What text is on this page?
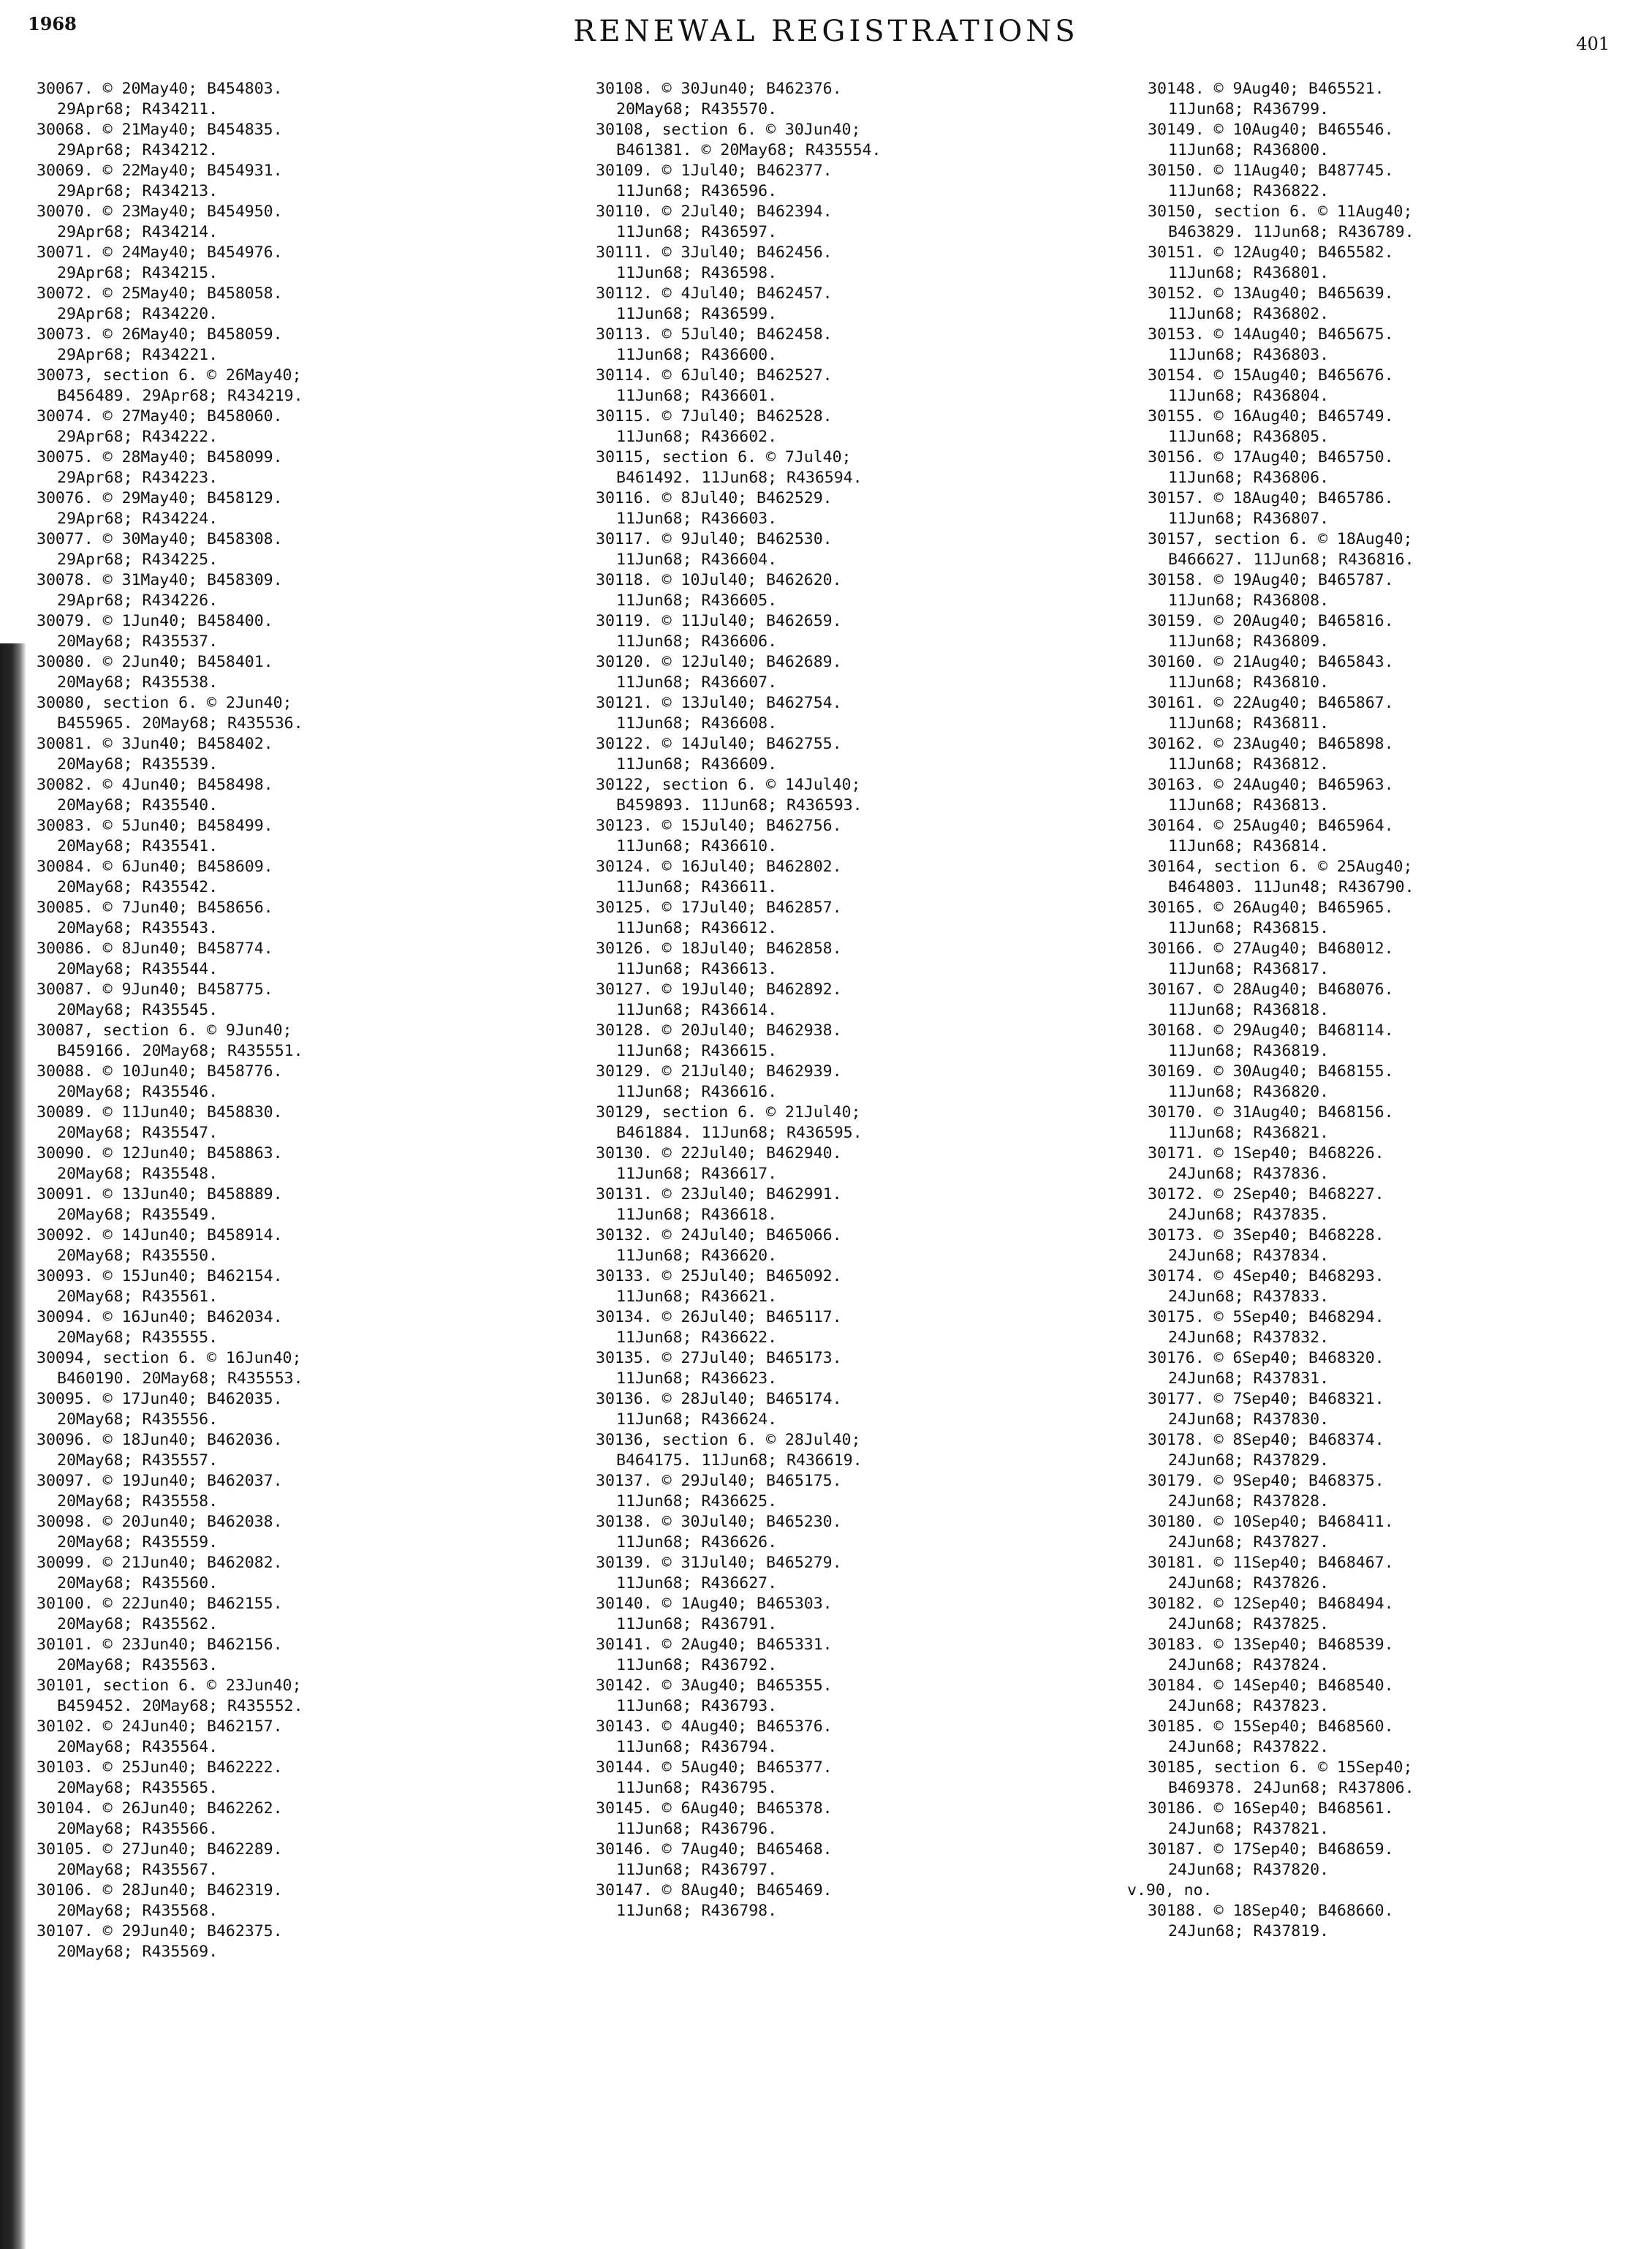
1968	RENEWAL REGISTRATIONS	401

30067. © 20May40; B454803.
29Apr68; R434211.

30068. © 21May40; B454835.
29Apr68; R434212.

30069. © 22May40; B454931.
29Apr68; R434213.

30070. © 23May40; B454950.
29Apr68; R434214.

30071. © 24May40; B454976.
29Apr68; R434215.

30072. © 25May40; B458058.
29Apr68; R434220.

30073. © 26May40; B458059.
29Apr68; R434221.

30073, section 6. © 26May40;
B456489. 29Apr68; R434219.

30074. © 27May40; B458060.
29Apr68; R434222.

30075. © 28May40; B458099.
29Apr68; R434223.

30076. © 29May40; B458129.
29Apr68; R434224.

30077. © 30May40; B458308.
29Apr68; R434225.

30078. © 31May40; B458309.
29Apr68; R434226.

30079. © 1Jun40; B458400.
20May68; R435537.

30080. © 2Jun40; B458401.
20May68; R435538.

30080, section 6. © 2Jun40;
B455965. 20May68; R435536.

30081. © 3Jun40; B458402.
20May68; R435539.

30082. © 4Jun40; B458498.
20May68; R435540.

30083. © 5Jun40; B458499.
20May68; R435541.

30084. © 6Jun40; B458609.
20May68; R435542.

30085. © 7Jun40; B458656.
20May68; R435543.

30086. © 8Jun40; B458774.
20May68; R435544.

30087. © 9Jun40; B458775.
20May68; R435545.

30087, section 6. © 9Jun40;
B459166. 20May68; R435551.

30088. © 10Jun40; B458776.
20May68; R435546.

30089. © 11Jun40; B458830.
20May68; R435547.

30090. © 12Jun40; B458863.
20May68; R435548.

30091. © 13Jun40; B458889.
20May68; R435549.

30092. © 14Jun40; B458914.
20May68; R435550.

30093. © 15Jun40; B462154.
20May68; R435561.

30094. © 16Jun40; B462034.
20May68; R435555.

30094, section 6. © 16Jun40;
B460190. 20May68; R435553.

30095. © 17Jun40; B462035.
20May68; R435556.

30096. © 18Jun40; B462036.
20May68; R435557.

30097. © 19Jun40; B462037.
20May68; R435558.

30098. © 20Jun40; B462038.
20May68; R435559.

30099. © 21Jun40; B462082.
20May68; R435560.

30100. © 22Jun40; B462155.
20May68; R435562.

30101. © 23Jun40; B462156.
20May68; R435563.

30101, section 6. © 23Jun40;
B459452. 20May68; R435552.

30102. © 24Jun40; B462157.
20May68; R435564.

30103. © 25Jun40; B462222.
20May68; R435565.

30104. © 26Jun40; B462262.
20May68; R435566.

30105. © 27Jun40; B462289.
20May68; R435567.

30106. © 28Jun40; B462319.
20May68; R435568.

30107. © 29Jun40; B462375.
20May68; R435569.

30108. © 30Jun40; B462376.
20May68; R435570.

30108, section 6. © 30Jun40;
B461381. © 20May68; R435554.

30109. © 1Jul40; B462377.
11Jun68; R436596.

30110. © 2Jul40; B462394.
11Jun68; R436597.

30111. © 3Jul40; B462456.
11Jun68; R436598.

30112. © 4Jul40; B462457.
11Jun68; R436599.

30113. © 5Jul40; B462458.
11Jun68; R436600.

30114. © 6Jul40; B462527.
11Jun68; R436601.

30115. © 7Jul40; B462528.
11Jun68; R436602.

30115, section 6. © 7Jul40;
B461492. 11Jun68; R436594.

30116. © 8Jul40; B462529.
11Jun68; R436603.

30117. © 9Jul40; B462530.
11Jun68; R436604.

30118. © 10Jul40; B462620.
11Jun68; R436605.

30119. © 11Jul40; B462659.
11Jun68; R436606.

30120. © 12Jul40; B462689.
11Jun68; R436607.

30121. © 13Jul40; B462754.
11Jun68; R436608.

30122. © 14Jul40; B462755.
11Jun68; R436609.

30122, section 6. © 14Jul40;
B459893. 11Jun68; R436593.

30123. © 15Jul40; B462756.
11Jun68; R436610.

30124. © 16Jul40; B462802.
11Jun68; R436611.

30125. © 17Jul40; B462857.
11Jun68; R436612.

30126. © 18Jul40; B462858.
11Jun68; R436613.

30127. © 19Jul40; B462892.
11Jun68; R436614.

30128. © 20Jul40; B462938.
11Jun68; R436615.

30129. © 21Jul40; B462939.
11Jun68; R436616.

30129, section 6. © 21Jul40;
B461884. 11Jun68; R436595.

30130. © 22Jul40; B462940.
11Jun68; R436617.

30131. © 23Jul40; B462991.
11Jun68; R436618.

30132. © 24Jul40; B465066.
11Jun68; R436620.

30133. © 25Jul40; B465092.
11Jun68; R436621.

30134. © 26Jul40; B465117.
11Jun68; R436622.

30135. © 27Jul40; B465173.
11Jun68; R436623.

30136. © 28Jul40; B465174.
11Jun68; R436624.

30136, section 6. © 28Jul40;
B464175. 11Jun68; R436619.

30137. © 29Jul40; B465175.
11Jun68; R436625.

30138. © 30Jul40; B465230.
11Jun68; R436626.

30139. © 31Jul40; B465279.
11Jun68; R436627.

30140. © 1Aug40; B465303.
11Jun68; R436791.

30141. © 2Aug40; B465331.
11Jun68; R436792.

30142. © 3Aug40; B465355.
11Jun68; R436793.

30143. © 4Aug40; B465376.
11Jun68; R436794.

30144. © 5Aug40; B465377.
11Jun68; R436795.

30145. © 6Aug40; B465378.
11Jun68; R436796.

30146. © 7Aug40; B465468.
11Jun68; R436797.

30147. © 8Aug40; B465469.
11Jun68; R436798.

30148. © 9Aug40; B465521.
11Jun68; R436799.

30149. © 10Aug40; B465546.
11Jun68; R436800.

30150. © 11Aug40; B487745.
11Jun68; R436822.

30150, section 6. © 11Aug40;
B463829. 11Jun68; R436789.

30151. © 12Aug40; B465582.
11Jun68; R436801.

30152. © 13Aug40; B465639.
11Jun68; R436802.

30153. © 14Aug40; B465675.
11Jun68; R436803.

30154. © 15Aug40; B465676.
11Jun68; R436804.

30155. © 16Aug40; B465749.
11Jun68; R436805.

30156. © 17Aug40; B465750.
11Jun68; R436806.

30157. © 18Aug40; B465786.
11Jun68; R436807.

30157, section 6. © 18Aug40;
B466627. 11Jun68; R436816.

30158. © 19Aug40; B465787.
11Jun68; R436808.

30159. © 20Aug40; B465816.
11Jun68; R436809.

30160. © 21Aug40; B465843.
11Jun68; R436810.

30161. © 22Aug40; B465867.
11Jun68; R436811.

30162. © 23Aug40; B465898.
11Jun68; R436812.

30163. © 24Aug40; B465963.
11Jun68; R436813.

30164. © 25Aug40; B465964.
11Jun68; R436814.

30164, section 6. © 25Aug40;
B464803. 11Jun48; R436790.

30165. © 26Aug40; B465965.
11Jun68; R436815.

30166. © 27Aug40; B468012.
11Jun68; R436817.

30167. © 28Aug40; B468076.
11Jun68; R436818.

30168. © 29Aug40; B468114.
11Jun68; R436819.

30169. © 30Aug40; B468155.
11Jun68; R436820.

30170. © 31Aug40; B468156.
11Jun68; R436821.

30171. © 1Sep40; B468226.
24Jun68; R437836.

30172. © 2Sep40; B468227.
24Jun68; R437835.

30173. © 3Sep40; B468228.
24Jun68; R437834.

30174. © 4Sep40; B468293.
24Jun68; R437833.

30175. © 5Sep40; B468294.
24Jun68; R437832.

30176. © 6Sep40; B468320.
24Jun68; R437831.

30177. © 7Sep40; B468321.
24Jun68; R437830.

30178. © 8Sep40; B468374.
24Jun68; R437829.

30179. © 9Sep40; B468375.
24Jun68; R437828.

30180. © 10Sep40; B468411.
24Jun68; R437827.

30181. © 11Sep40; B468467.
24Jun68; R437826.

30182. © 12Sep40; B468494.
24Jun68; R437825.

30183. © 13Sep40; B468539.
24Jun68; R437824.

30184. © 14Sep40; B468540.
24Jun68; R437823.

30185. © 15Sep40; B468560.
24Jun68; R437822.

30185, section 6. © 15Sep40;
B469378. 24Jun68; R437806.

30186. © 16Sep40; B468561.
24Jun68; R437821.

30187. © 17Sep40; B468659.
24Jun68; R437820.

v.90, no.

30188. © 18Sep40; B468660.
24Jun68; R437819.
